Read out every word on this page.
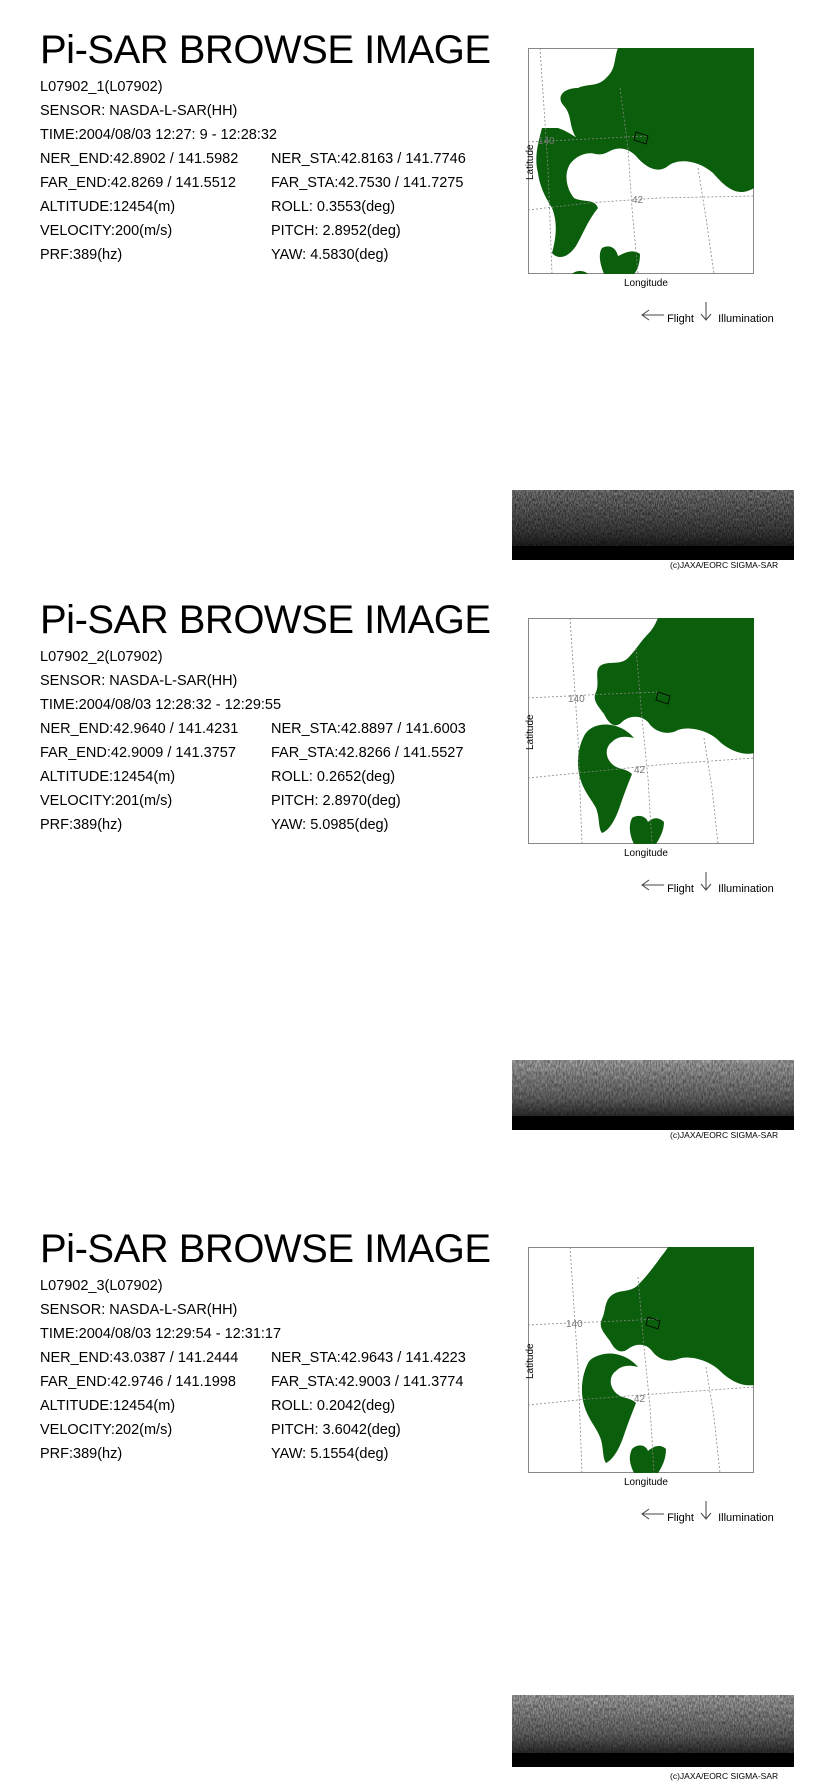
Pi-SAR BROWSE IMAGE
L07902_1(L07902)
SENSOR: NASDA-L-SAR(HH)
TIME:2004/08/03 12:27: 9 - 12:28:32
NER_END:42.8902 / 141.5982 NER_STA:42.8163 / 141.7746
FAR_END:42.8269 / 141.5512 FAR_STA:42.7530 / 141.7275
ALTITUDE:12454(m)	ROLL: 0.3553(deg)
VELOCITY:200(m/s)	PITCH: 2.8952(deg)
PRF:389(hz)	YAW: 4.5830(deg)
140
42
Latitude
Longitude
Flight Illumination
(c)JAXA/EORC SIGMA-SAR
Pi-SAR BROWSE IMAGE
L07902_2(L07902)
SENSOR: NASDA-L-SAR(HH)
TIME:2004/08/03 12:28:32 - 12:29:55
NER_END:42.9640 / 141.4231 NER_STA:42.8897 / 141.6003
FAR_END:42.9009 / 141.3757 FAR_STA:42.8266 / 141.5527
ALTITUDE:12454(m)	ROLL: 0.2652(deg)
VELOCITY:201(m/s)	PITCH: 2.8970(deg)
PRF:389(hz)	YAW: 5.0985(deg)
140
42
Latitude
Longitude
Flight Illumination
(c)JAXA/EORC SIGMA-SAR
Pi-SAR BROWSE IMAGE
L07902_3(L07902)
SENSOR: NASDA-L-SAR(HH)
TIME:2004/08/03 12:29:54 - 12:31:17
NER_END:43.0387 / 141.2444 NER_STA:42.9643 / 141.4223
FAR_END:42.9746 / 141.1998 FAR_STA:42.9003 / 141.3774
ALTITUDE:12454(m)	ROLL: 0.2042(deg)
VELOCITY:202(m/s)	PITCH: 3.6042(deg)
PRF:389(hz)	YAW: 5.1554(deg)
140
42
Latitude
Longitude
Flight Illumination
(c)JAXA/EORC SIGMA-SAR
